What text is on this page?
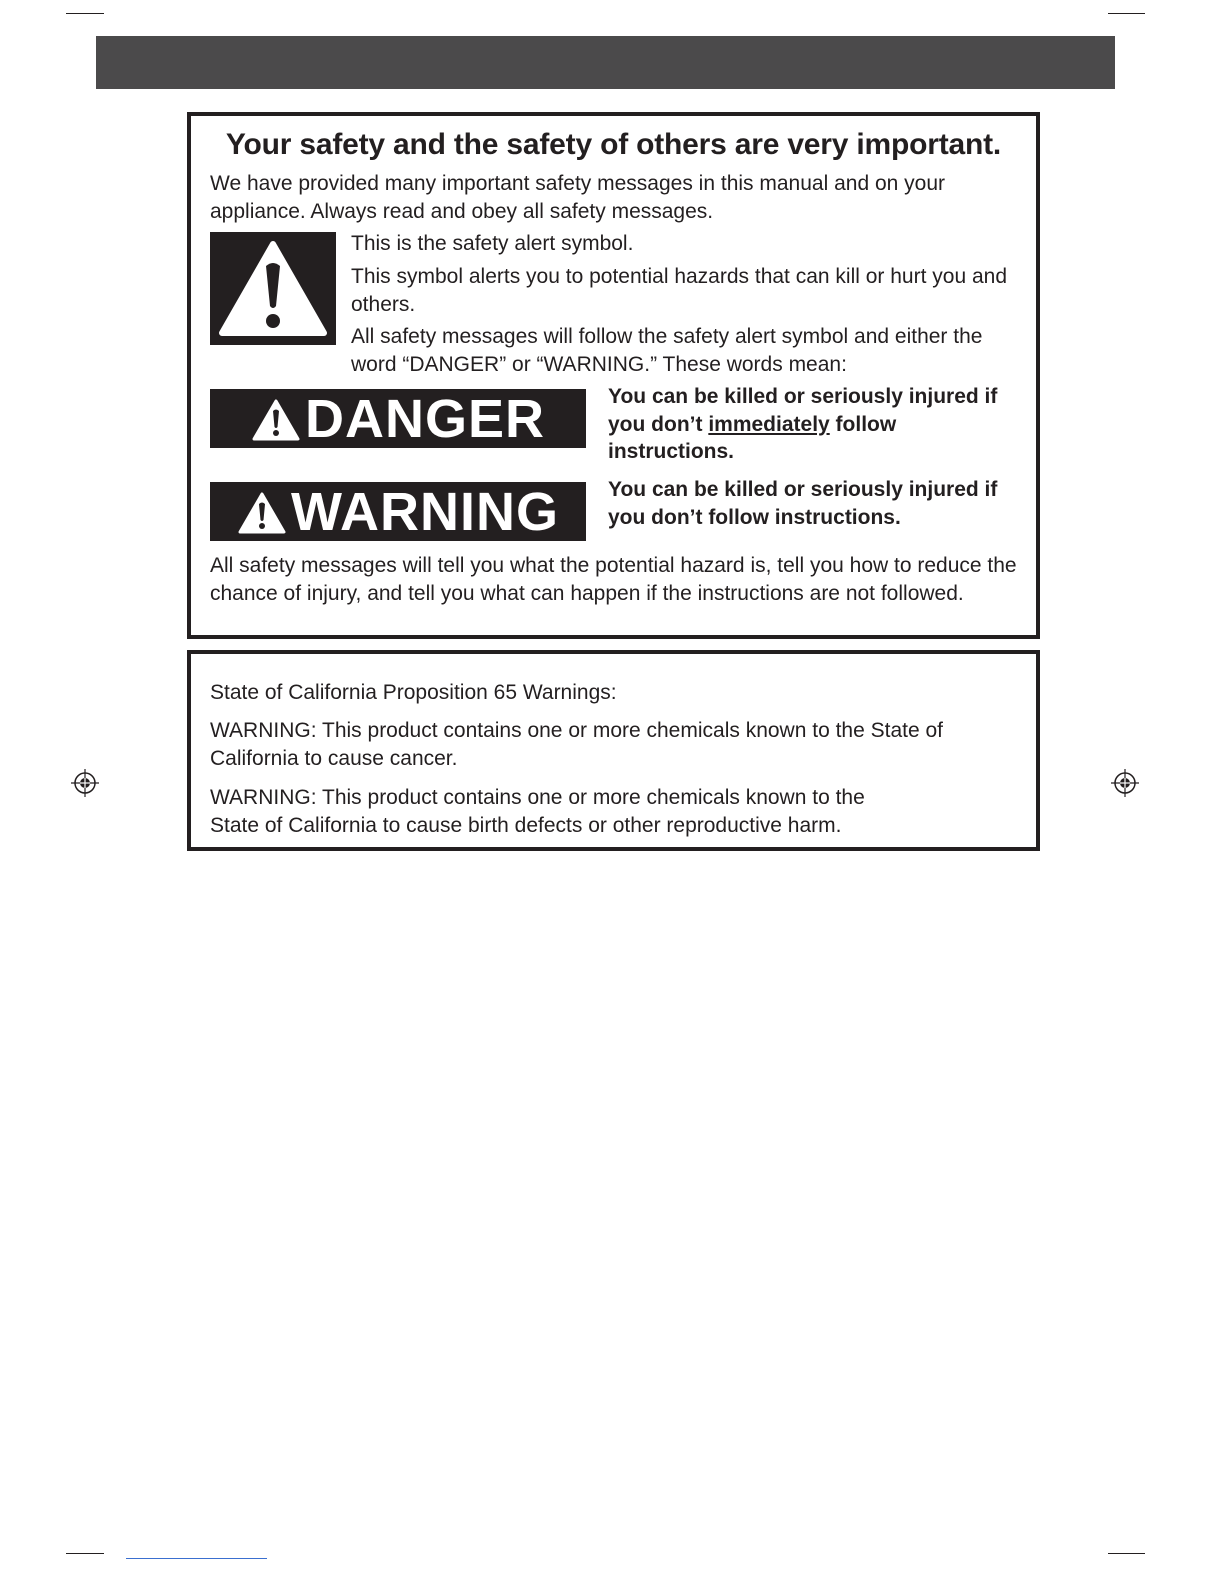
Your safety and the safety of others are very important.
We have provided many important safety messages in this manual and on your appliance. Always read and obey all safety messages.
This is the safety alert symbol.
This symbol alerts you to potential hazards that can kill or hurt you and others.
All safety messages will follow the safety alert symbol and either the word “DANGER” or “WARNING.” These words mean:
DANGER	You can be killed or seriously injured if you don’t immediately follow instructions.
WARNING You can be killed or seriously injured if you don’t follow instructions.
All safety messages will tell you what the potential hazard is, tell you how to reduce the chance of injury, and tell you what can happen if the instructions are not followed.
State of California Proposition 65 Warnings:
WARNING: This product contains one or more chemicals known to the State of California to cause cancer.
WARNING: This product contains one or more chemicals known to the
State of California to cause birth defects or other reproductive harm.
